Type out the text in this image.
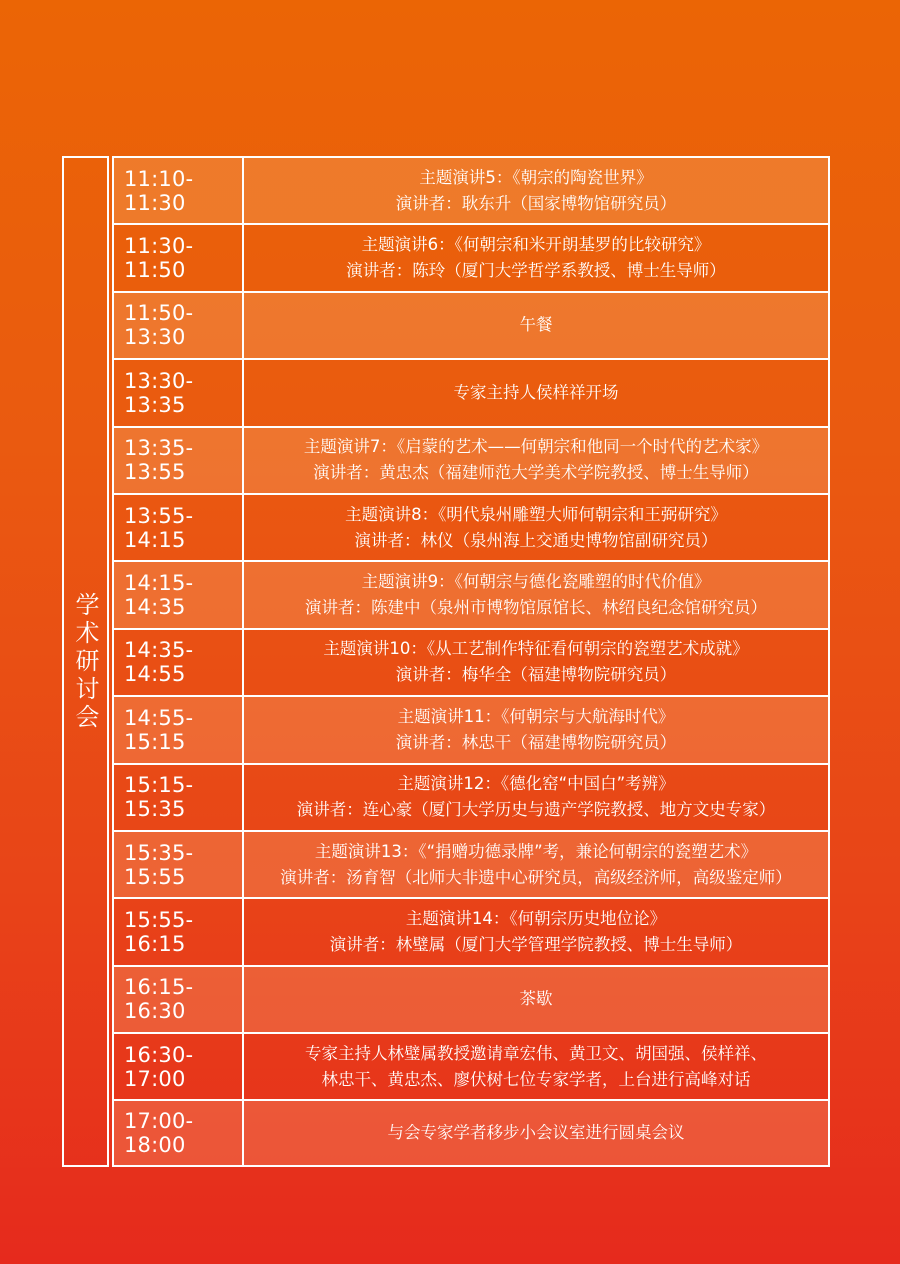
学术研讨会
11:10-11:30
主题演讲5：《朝宗的陶瓷世界》
演讲者：耿东升（国家博物馆研究员）
11:30-11:50
主题演讲6：《何朝宗和米开朗基罗的比较研究》
演讲者：陈玲（厦门大学哲学系教授、博士生导师）
11:50-13:30
午餐
13:30-13:35
专家主持人侯样祥开场
13:35-13:55
主题演讲7：《启蒙的艺术——何朝宗和他同一个时代的艺术家》
演讲者：黄忠杰（福建师范大学美术学院教授、博士生导师）
13:55-14:15
主题演讲8：《明代泉州雕塑大师何朝宗和王弼研究》
演讲者：林仪（泉州海上交通史博物馆副研究员）
14:15-14:35
主题演讲9：《何朝宗与德化瓷雕塑的时代价值》
演讲者：陈建中（泉州市博物馆原馆长、林绍良纪念馆研究员）
14:35-14:55
主题演讲10：《从工艺制作特征看何朝宗的瓷塑艺术成就》
演讲者：梅华全（福建博物院研究员）
14:55-15:15
主题演讲11：《何朝宗与大航海时代》
演讲者：林忠干（福建博物院研究员）
15:15-15:35
主题演讲12：《德化窑“中国白”考辨》
演讲者：连心豪（厦门大学历史与遗产学院教授、地方文史专家）
15:35-15:55
主题演讲13：《“捐赠功德录牌”考，兼论何朝宗的瓷塑艺术》
演讲者：汤育智（北师大非遗中心研究员，高级经济师，高级鉴定师）
15:55-16:15
主题演讲14：《何朝宗历史地位论》
演讲者：林璧属（厦门大学管理学院教授、博士生导师）
16:15-16:30
茶歇
16:30-17:00
专家主持人林璧属教授邀请章宏伟、黄卫文、胡国强、侯样祥、
林忠干、黄忠杰、廖伏树七位专家学者，上台进行高峰对话
17:00-18:00
与会专家学者移步小会议室进行圆桌会议
